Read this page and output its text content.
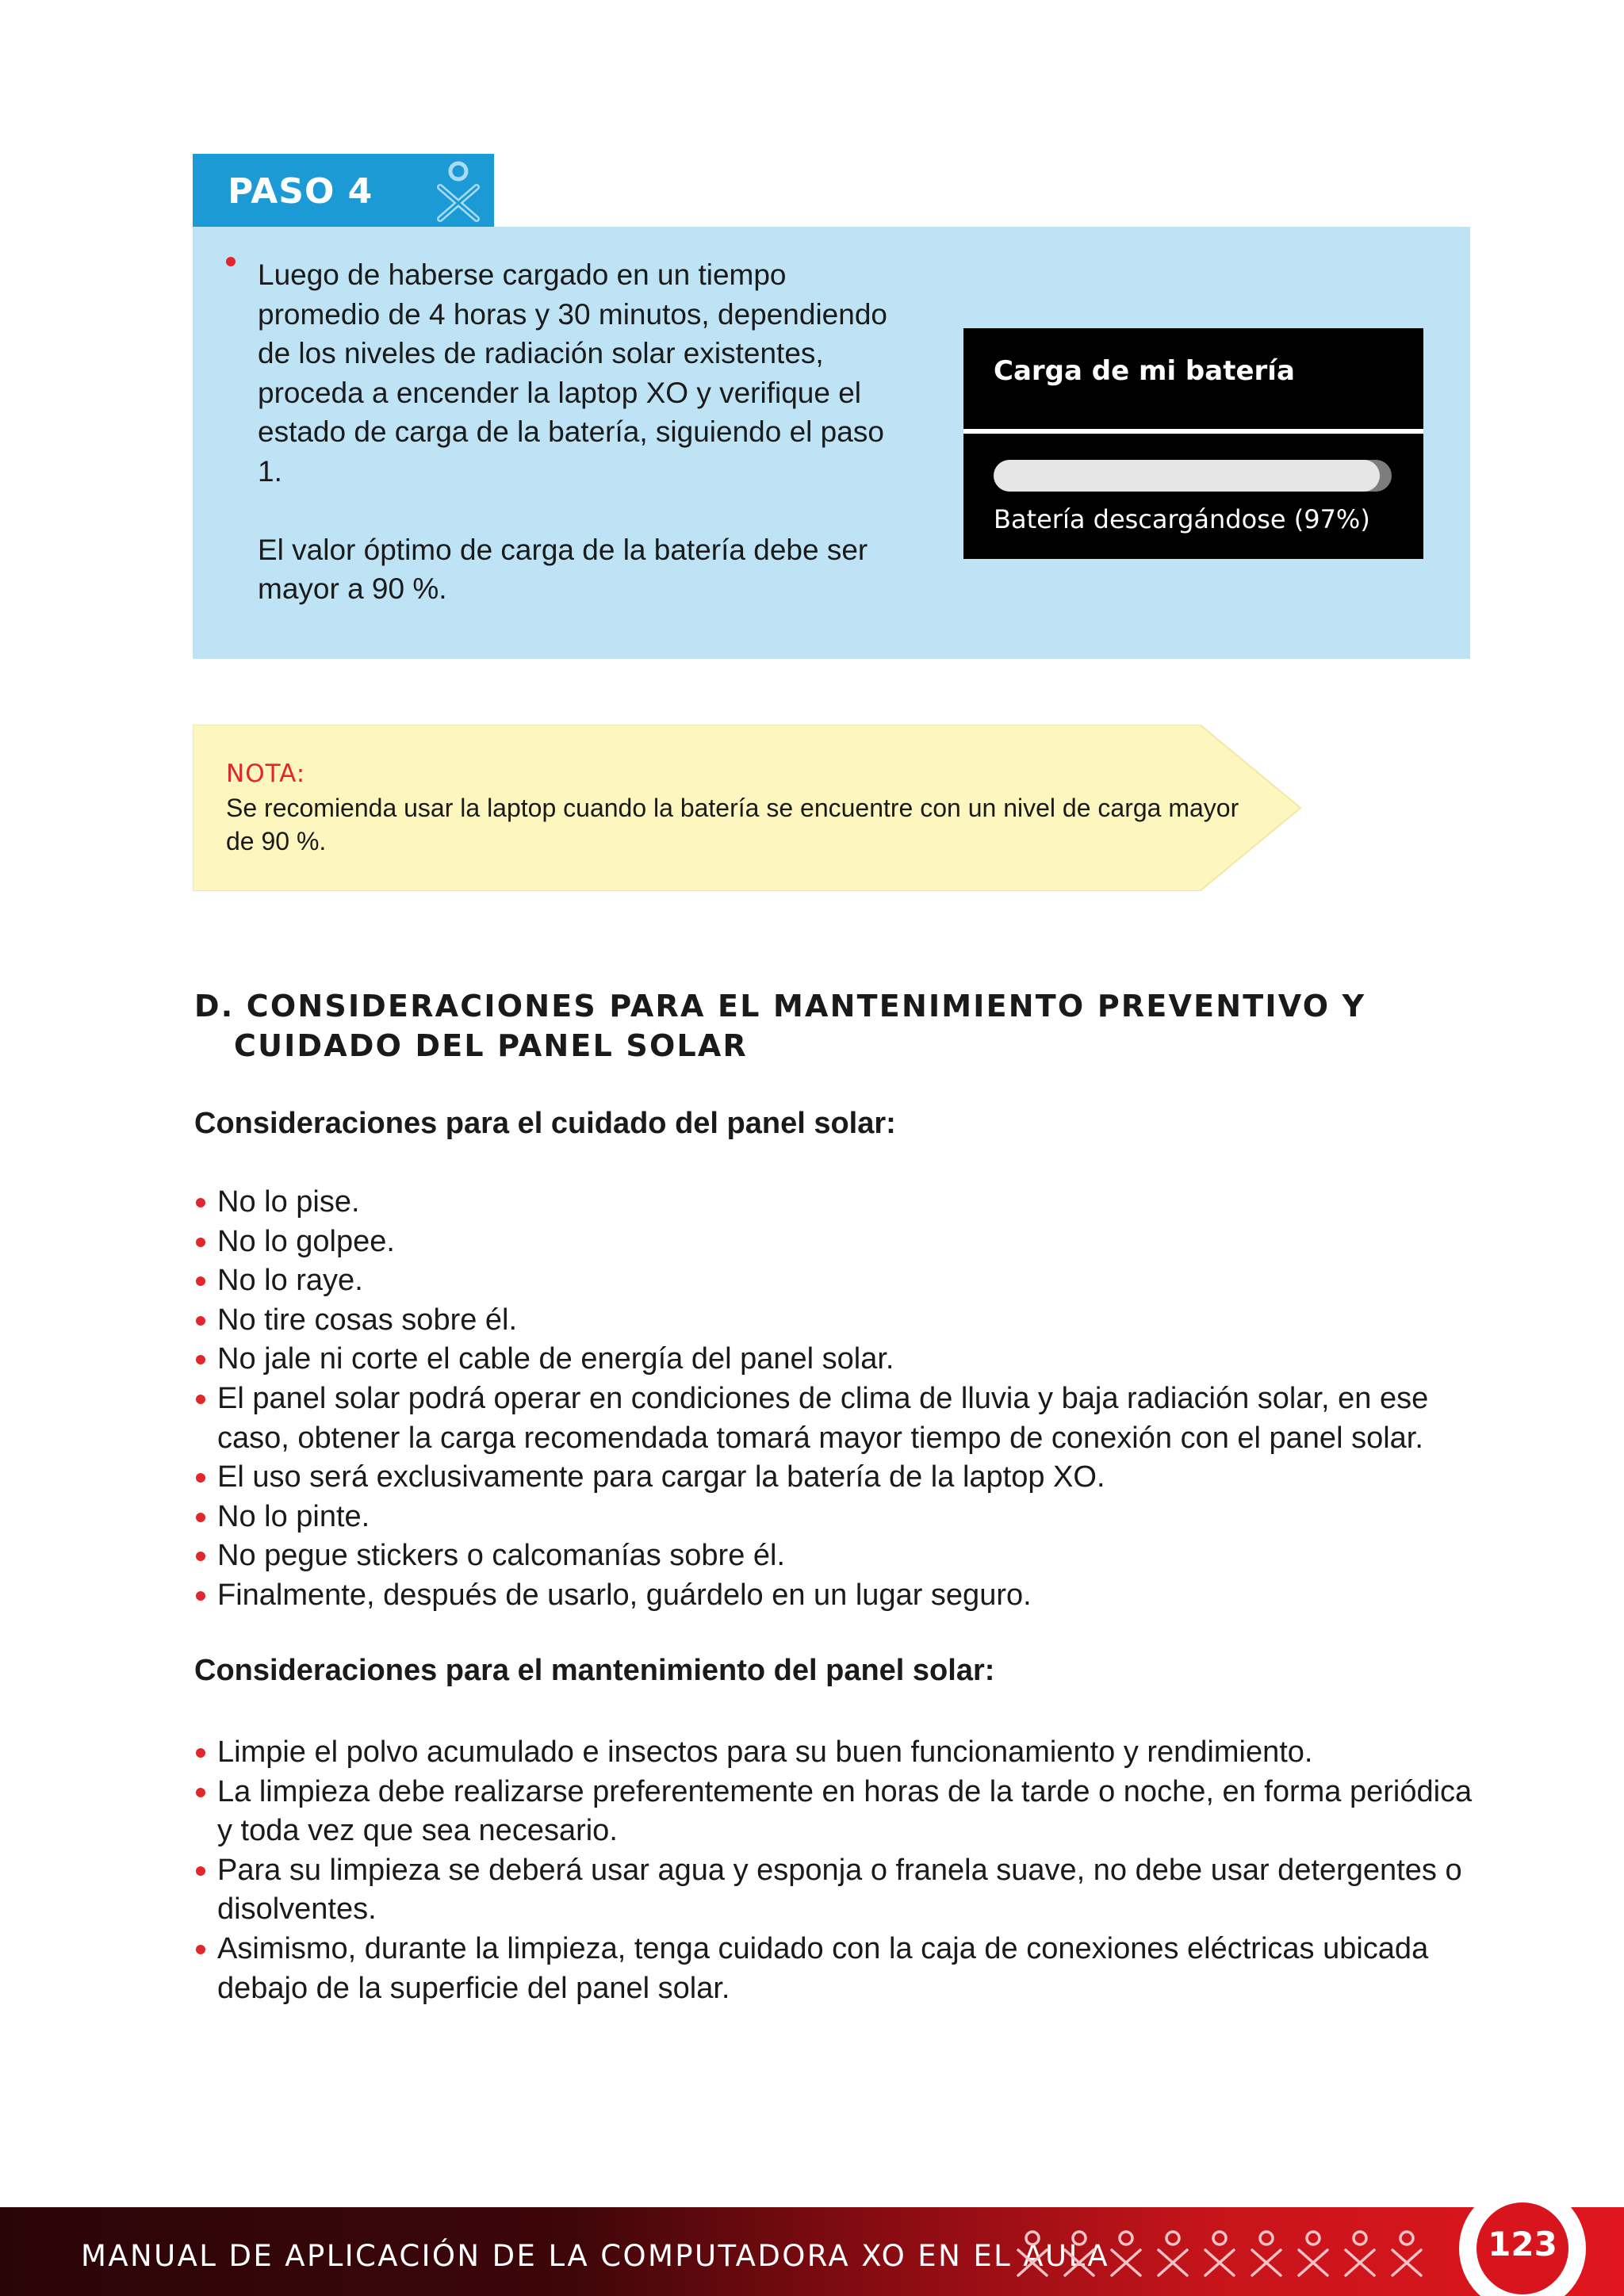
PASO 4

Luego de haberse cargado en un tiempo promedio de 4 horas y 30 minutos, dependiendo de los niveles de radiación solar existentes, proceda a encender la laptop XO y verifique el estado de carga de la batería, siguiendo el paso 1.

El valor óptimo de carga de la batería debe ser mayor a 90 %.

Carga de mi batería
Batería descargándose (97%)
NOTA:

Se recomienda usar la laptop cuando la batería se encuentre con un nivel de carga mayor de 90 %.

D. CONSIDERACIONES PARA EL MANTENIMIENTO PREVENTIVO Y CUIDADO DEL PANEL SOLAR
Consideraciones para el cuidado del panel solar:
No lo pise.
No lo golpee.
No lo raye.
No tire cosas sobre él.
No jale ni corte el cable de energía del panel solar.
El panel solar podrá operar en condiciones de clima de lluvia y baja radiación solar, en ese caso, obtener la carga recomendada tomará mayor tiempo de conexión con el panel solar.
El uso será exclusivamente para cargar la batería de la laptop XO.
No lo pinte.
No pegue stickers o calcomanías sobre él.
Finalmente, después de usarlo, guárdelo en un lugar seguro.
Consideraciones para el mantenimiento del panel solar:
Limpie el polvo acumulado e insectos para su buen funcionamiento y rendimiento.
La limpieza debe realizarse preferentemente en horas de la tarde o noche, en forma periódica y toda vez que sea necesario.
Para su limpieza se deberá usar agua y esponja o franela suave, no debe usar detergentes o disolventes.
Asimismo, durante la limpieza, tenga cuidado con la caja de conexiones eléctricas ubicada debajo de la superficie del panel solar.
MANUAL DE APLICACIÓN DE LA COMPUTADORA XO EN EL AULA	123
